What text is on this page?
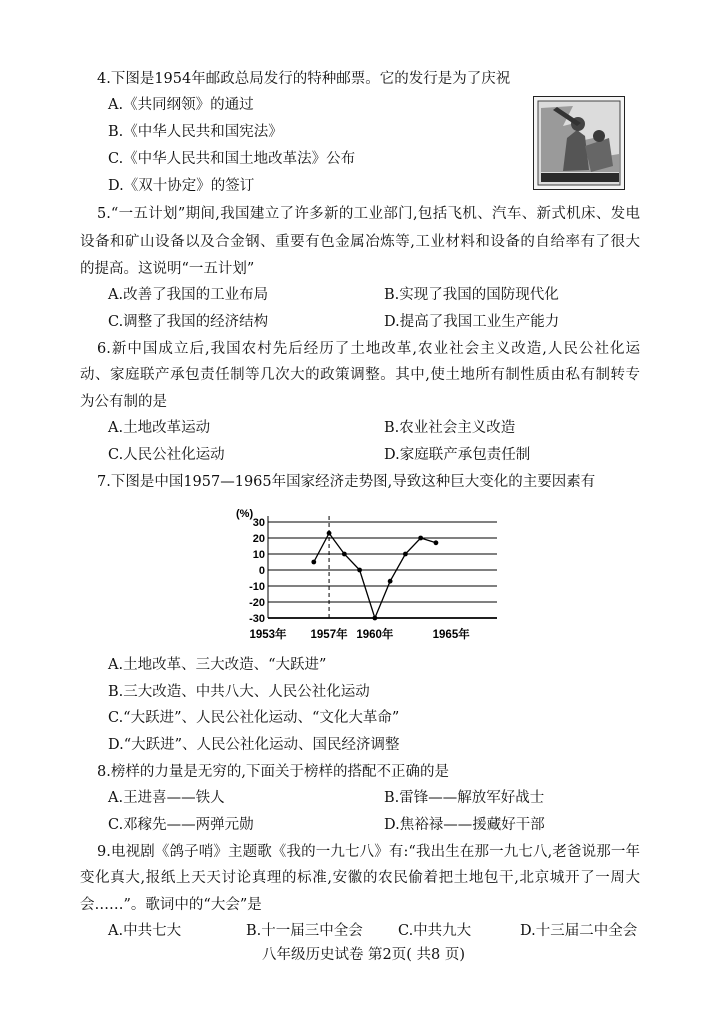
4.下图是1954年邮政总局发行的特种邮票。它的发行是为了庆祝
A.《共同纲领》的通过
B.《中华人民共和国宪法》
C.《中华人民共和国土地改革法》公布
D.《双十协定》的签订
5.“一五计划”期间,我国建立了许多新的工业部门,包括飞机、汽车、新式机床、发电
设备和矿山设备以及合金钢、重要有色金属冶炼等,工业材料和设备的自给率有了很大
的提高。这说明“一五计划”
A.改善了我国的工业布局	B.实现了我国的国防现代化
C.调整了我国的经济结构	D.提高了我国工业生产能力
6.新中国成立后,我国农村先后经历了土地改革,农业社会主义改造,人民公社化运
动、家庭联产承包责任制等几次大的政策调整。其中,使土地所有制性质由私有制转专
为公有制的是
A.土地改革运动	B.农业社会主义改造
C.人民公社化运动	D.家庭联产承包责任制
7.下图是中国1957—1965年国家经济走势图,导致这种巨大变化的主要因素有
(%)
30
20
10
0
-10
-20
-30
1953年 1957年 1960年	1965年
A.土地改革、三大改造、“大跃进”
B.三大改造、中共八大、人民公社化运动
C.“大跃进”、人民公社化运动、“文化大革命”
D.“大跃进”、人民公社化运动、国民经济调整
8.榜样的力量是无穷的,下面关于榜样的搭配不正确的是
A.王进喜——铁人	B.雷锋——解放军好战士
C.邓稼先——两弹元勋	D.焦裕禄——援藏好干部
9.电视剧《鸽子哨》主题歌《我的一九七八》有:“我出生在那一九七八,老爸说那一年
变化真大,报纸上天天讨论真理的标准,安徽的农民偷着把土地包干,北京城开了一周大
会……”。歌词中的“大会”是
A.中共七大	B.十一届三中全会 C.中共九大	D.十三届二中全会
八年级历史试卷 第2页( 共8 页)
